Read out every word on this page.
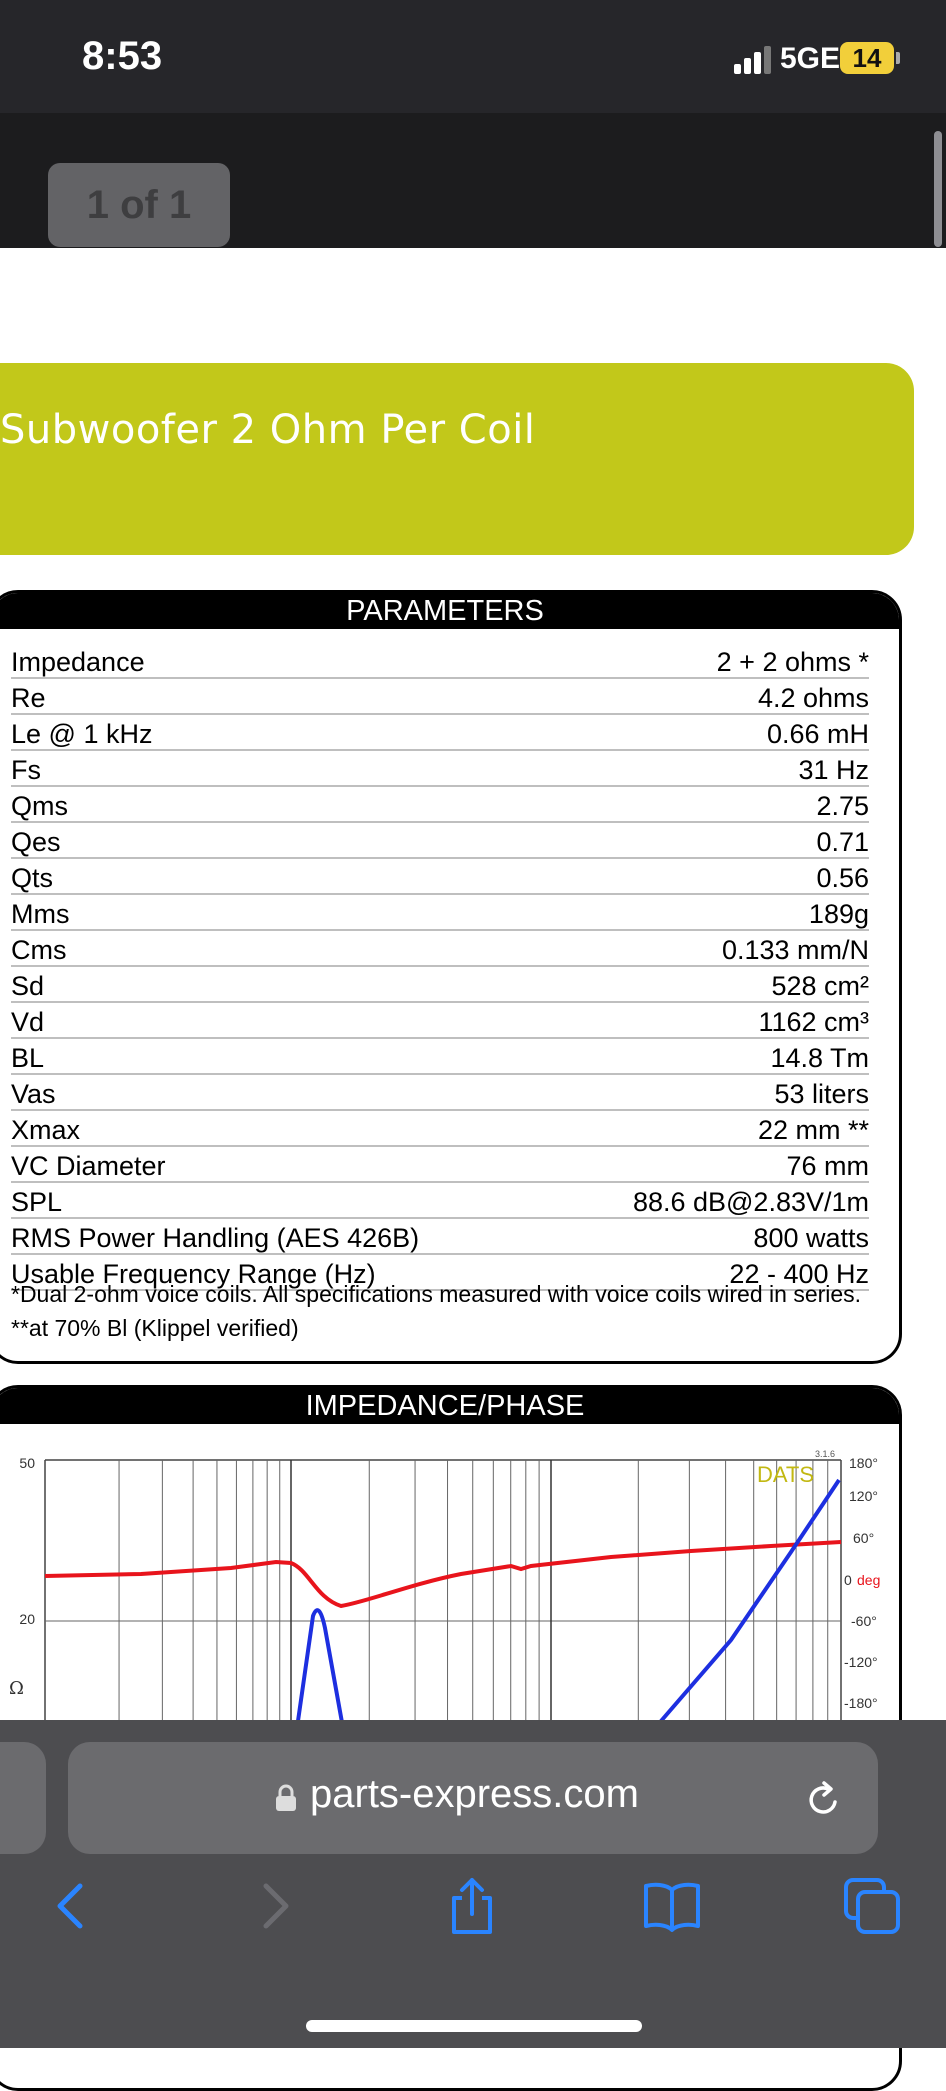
8:53	5GE 14
1 of 1
Subwoofer 2 Ohm Per Coil
PARAMETERS
Impedance	2 + 2 ohms *
Re	4.2 ohms
Le @ 1 kHz	0.66 mH
Fs	31 Hz
Qms	2.75
Qes	0.71
Qts	0.56
Mms	189g
Cms	0.133 mm/N
Sd	528 cm²
Vd	1162 cm³
BL	14.8 Tm
Vas	53 liters
Xmax	22 mm **
VC Diameter	76 mm
SPL	88.6 dB@2.83V/1m
RMS Power Handling (AES 426B)	800 watts
Usable Frequency Range (Hz)	22 - 400 Hz
*Dual 2-ohm voice coils. All specifications measured with voice coils wired in series.
**at 70% Bl (Klippel verified)
IMPEDANCE/PHASE
50
20
Ω
180°
120°
60°
0 deg
-60°
-120°
-180°
DATS
3.1.6
parts-express.com
